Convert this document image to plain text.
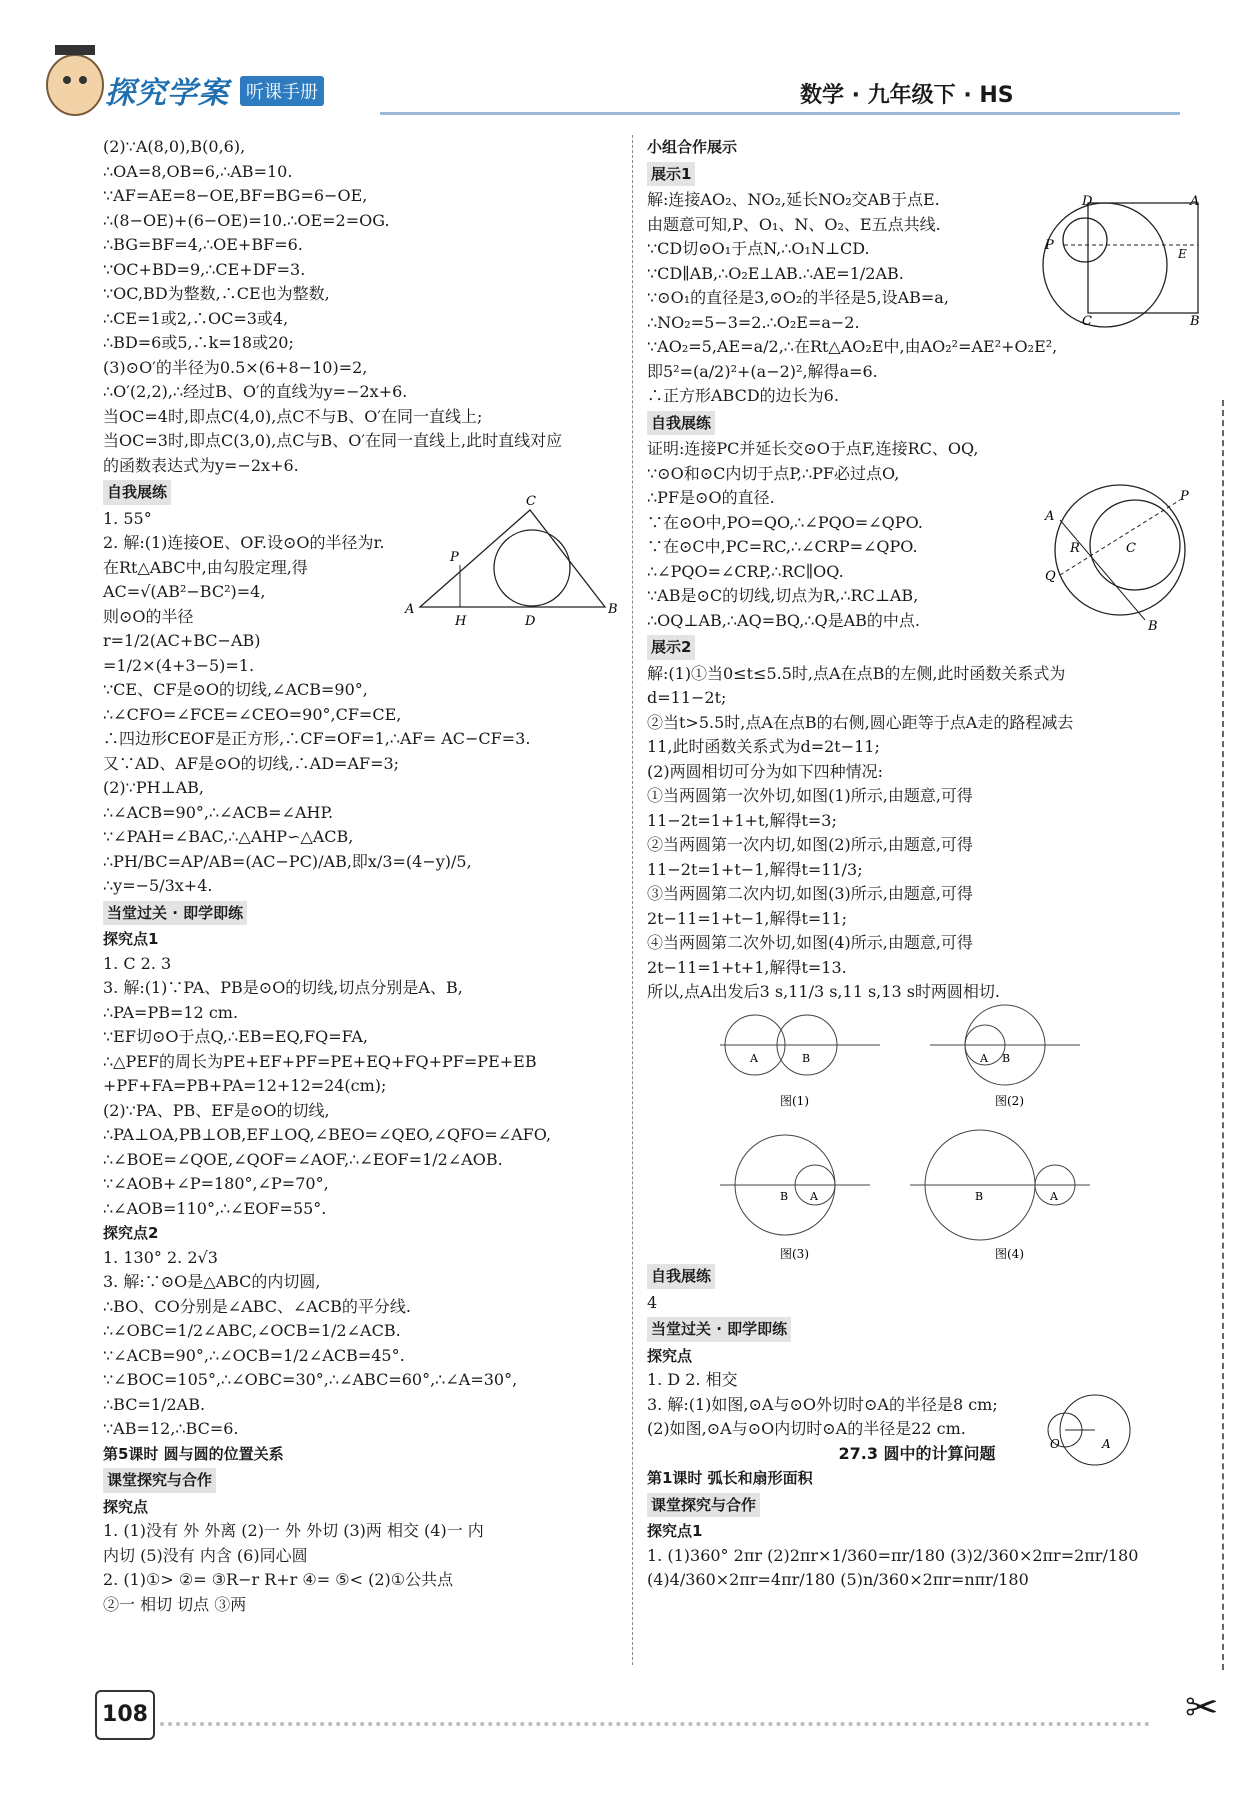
探究学案 听课手册	数学 · 九年级下 · HS
(2)∵A(8,0),B(0,6),
∴OA=8,OB=6,∴AB=10.
∵AF=AE=8−OE,BF=BG=6−OE,
∴(8−OE)+(6−OE)=10.∴OE=2=OG.
∴BG=BF=4,∴OE+BF=6.
∵OC+BD=9,∴CE+DF=3.
∵OC,BD为整数,∴CE也为整数,
∴CE=1或2,∴OC=3或4,
∴BD=6或5,∴k=18或20;
(3)⊙O′的半径为0.5×(6+8−10)=2,
∴O′(2,2),∴经过B、O′的直线为y=−2x+6.
当OC=4时,即点C(4,0),点C不与B、O′在同一直线上;
当OC=3时,即点C(3,0),点C与B、O′在同一直线上,此时直线对应
的函数表达式为y=−2x+6.
自我展练
1. 55°
2. 解:(1)连接OE、OF.设⊙O的半径为r.
在Rt△ABC中,由勾股定理,得
AC=√(AB²−BC²)=4,
则⊙O的半径
r=1/2(AC+BC−AB)
=1/2×(4+3−5)=1.
∵CE、CF是⊙O的切线,∠ACB=90°,
∴∠CFO=∠FCE=∠CEO=90°,CF=CE,
∴四边形CEOF是正方形,∴CF=OF=1,∴AF= AC−CF=3.
又∵AD、AF是⊙O的切线,∴AD=AF=3;
(2)∵PH⊥AB,
∴∠ACB=90°,∴∠ACB=∠AHP.
∵∠PAH=∠BAC,∴△AHP∽△ACB,
∴PH/BC=AP/AB=(AC−PC)/AB,即x/3=(4−y)/5,
∴y=−5/3x+4.
当堂过关 · 即学即练
探究点1
1. C 2. 3
3. 解:(1)∵PA、PB是⊙O的切线,切点分别是A、B,
∴PA=PB=12 cm.
∵EF切⊙O于点Q,∴EB=EQ,FQ=FA,
∴△PEF的周长为PE+EF+PF=PE+EQ+FQ+PF=PE+EB
+PF+FA=PB+PA=12+12=24(cm);
(2)∵PA、PB、EF是⊙O的切线,
∴PA⊥OA,PB⊥OB,EF⊥OQ,∠BEO=∠QEO,∠QFO=∠AFO,
∴∠BOE=∠QOE,∠QOF=∠AOF,∴∠EOF=1/2∠AOB.
∵∠AOB+∠P=180°,∠P=70°,
∴∠AOB=110°,∴∠EOF=55°.
探究点2
1. 130° 2. 2√3
3. 解:∵⊙O是△ABC的内切圆,
∴BO、CO分别是∠ABC、∠ACB的平分线.
∴∠OBC=1/2∠ABC,∠OCB=1/2∠ACB.
∵∠ACB=90°,∴∠OCB=1/2∠ACB=45°.
∵∠BOC=105°,∴∠OBC=30°,∴∠ABC=60°,∴∠A=30°,
∴BC=1/2AB.
∵AB=12,∴BC=6.
第5课时 圆与圆的位置关系
课堂探究与合作
探究点
1. (1)没有 外 外离 (2)一 外 外切 (3)两 相交 (4)一 内
内切 (5)没有 内含 (6)同心圆
2. (1)①> ②= ③R−r R+r ④= ⑤< (2)①公共点
②一 相切 切点 ③两
小组合作展示
展示1
解:连接AO₂、NO₂,延长NO₂交AB于点E.
由题意可知,P、O₁、N、O₂、E五点共线.
∵CD切⊙O₁于点N,∴O₁N⊥CD.
∵CD∥AB,∴O₂E⊥AB.∴AE=1/2AB.
∵⊙O₁的直径是3,⊙O₂的半径是5,设AB=a,
∴NO₂=5−3=2.∴O₂E=a−2.
∵AO₂=5,AE=a/2,∴在Rt△AO₂E中,由AO₂²=AE²+O₂E²,
即5²=(a/2)²+(a−2)²,解得a=6.
∴正方形ABCD的边长为6.
自我展练
证明:连接PC并延长交⊙O于点F,连接RC、OQ,
∵⊙O和⊙C内切于点P,∴PF必过点O,
∴PF是⊙O的直径.
∵在⊙O中,PO=QO,∴∠PQO=∠QPO.
∵在⊙C中,PC=RC,∴∠CRP=∠QPO.
∴∠PQO=∠CRP,∴RC∥OQ.
∵AB是⊙C的切线,切点为R,∴RC⊥AB,
∴OQ⊥AB,∴AQ=BQ,∴Q是AB的中点.
展示2
解:(1)①当0≤t≤5.5时,点A在点B的左侧,此时函数关系式为
d=11−2t;
②当t>5.5时,点A在点B的右侧,圆心距等于点A走的路程减去
11,此时函数关系式为d=2t−11;
(2)两圆相切可分为如下四种情况:
①当两圆第一次外切,如图(1)所示,由题意,可得
11−2t=1+1+t,解得t=3;
②当两圆第一次内切,如图(2)所示,由题意,可得
11−2t=1+t−1,解得t=11/3;
③当两圆第二次内切,如图(3)所示,由题意,可得
2t−11=1+t−1,解得t=11;
④当两圆第二次外切,如图(4)所示,由题意,可得
2t−11=1+t+1,解得t=13.
所以,点A出发后3 s,11/3 s,11 s,13 s时两圆相切.
自我展练
4
当堂过关 · 即学即练
探究点
1. D 2. 相交
3. 解:(1)如图,⊙A与⊙O外切时⊙A的半径是8 cm;
(2)如图,⊙A与⊙O内切时⊙A的半径是22 cm.
27.3 圆中的计算问题
第1课时 弧长和扇形面积
课堂探究与合作
探究点1
1. (1)360° 2πr (2)2πr×1/360=πr/180 (3)2/360×2πr=2πr/180
(4)4/360×2πr=4πr/180 (5)n/360×2πr=nπr/180
A
B
D
C
P
E
A
B
P
Q
R	C
A	B
C
D
P
H
A	B
图(1)
A B
图(2)
B A
图(3)
B	A
图(4)
O	A
108	✂
